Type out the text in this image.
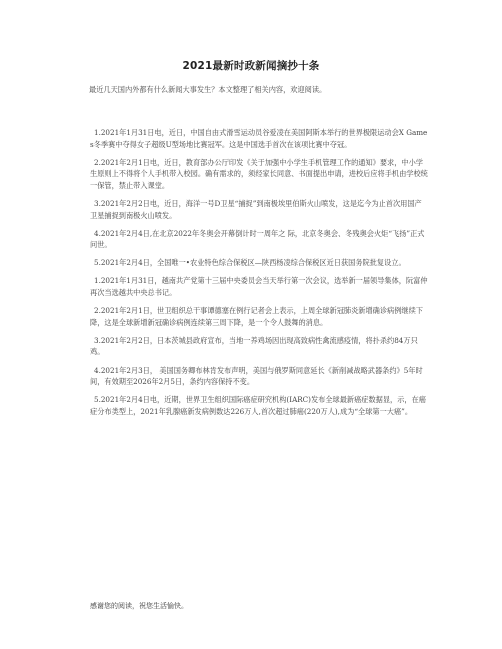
2021最新时政新闻摘抄十条
最近几天国内外都有什么新闻大事发生？本文整理了相关内容，欢迎阅读。
1.2021年1月31日电，近日，中国自由式滑雪运动员谷爱凌在美国阿斯本举行的世界极限运动会X Games冬季赛中夺得女子超级U型场地比赛冠军。这是中国选手首次在该项比赛中夺冠。
2.2021年2月1日电，近日，教育部办公厅印发《关于加强中小学生手机管理工作的通知》要求，中小学生原则上不得将个人手机带入校园。确有需求的，须经家长同意、书面提出申请，进校后应将手机由学校统一保管，禁止带入课堂。
3.2021年2月2日电，近日，海洋一号D卫星“捕捉”到南极埃里伯斯火山喷发，这是迄今为止首次用国产卫星捕捉到南极火山喷发。
4.2021年2月4日,在北京2022年冬奥会开幕倒计时一周年之 际，北京冬奥会、冬残奥会火炬“飞扬”正式问世。
5.2021年2月4日，全国唯一•农业特色综合保税区—陕西杨凌综合保税区近日获国务院批复设立。
1.2021年1月31日，越南共产党第十三届中央委员会当天举行第一次会议，选举新一届领导集体，阮富仲再次当选越共中央总书记。
2.2021年2月1日，世卫组织总干事谭德塞在例行记者会上表示，上周全球新冠肺炎新增确诊病例继续下降，这是全球新增新冠确诊病例连续第三周下降，是一个令人鼓舞的消息。
3.2021年2月2日，日本茨城县政府宣布，当地一养鸡场因出现高致病性禽流感疫情，将扑杀约84万只鸡。
4.2021年2月3日， 美国国务卿布林肯发布声明，美国与俄罗斯同意延长《新削减战略武器条约》5年时间，有效期至2026年2月5日，条约内容保持不变。
5.2021年2月4日电，近期，世界卫生组织国际癌症研究机构(IARC)发布全球最新癌症数据显，示，在癌症分布类型上，2021年乳腺癌新发病例数达226万人,首次超过肺癌(220万人),成为“全球第一大癌”。
感谢您的阅读，祝您生活愉快。
